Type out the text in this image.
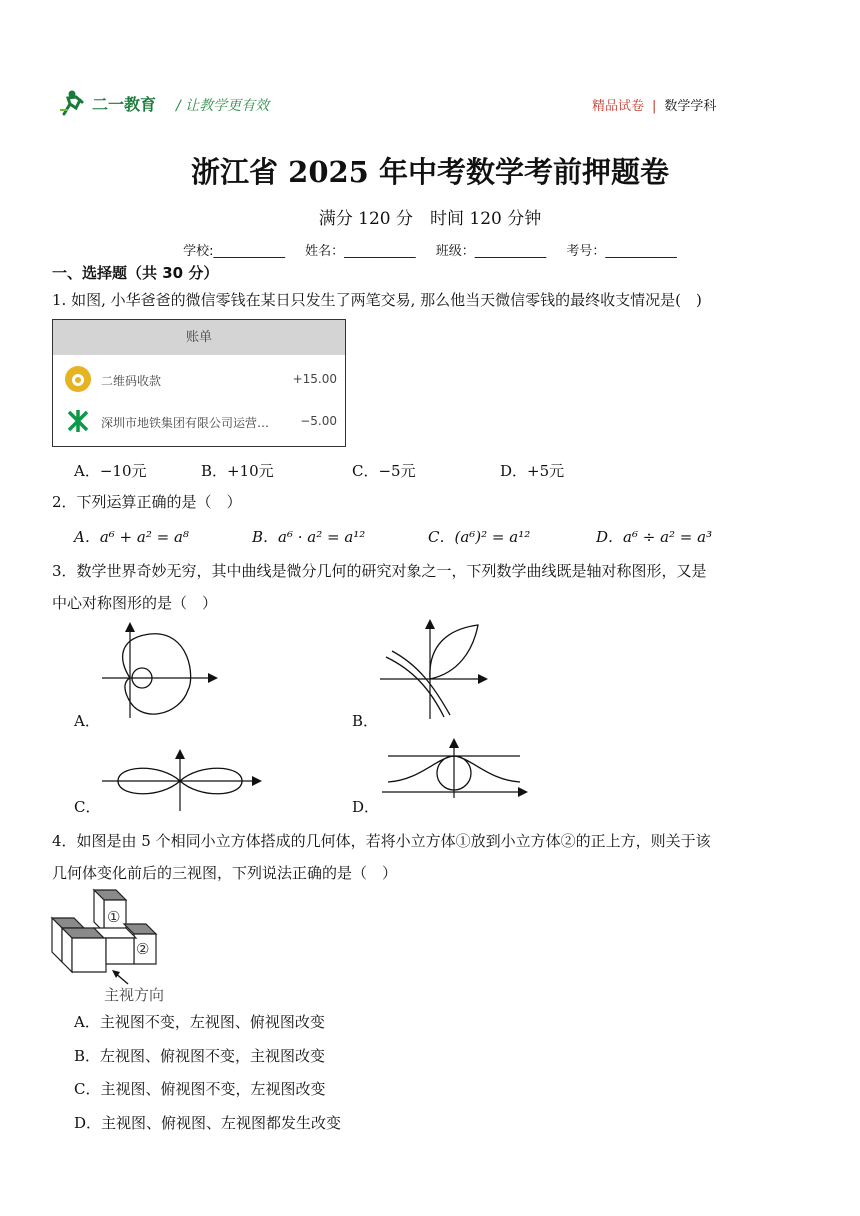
二一教育 / 让教学更有效	精品试卷 | 数学学科
浙江省 2025 年中考数学考前押题卷
满分 120 分　时间 120 分钟
学校:___________ 姓名：___________ 班级：___________ 考号：___________
一、选择题（共 30 分）
1. 如图, 小华爸爸的微信零钱在某日只发生了两笔交易, 那么他当天微信零钱的最终收支情况是(　)
账单
二维码收款	+15.00
深圳市地铁集团有限公司运营…	−5.00
A．−10元	B．+10元	C．−5元	D．+5元
2．下列运算正确的是（　）
A．a⁶ + a² = a⁸	B．a⁶ · a² = a¹²	C．(a⁶)² = a¹²	D．a⁶ ÷ a² = a³
3．数学世界奇妙无穷，其中曲线是微分几何的研究对象之一，下列数学曲线既是轴对称图形，又是
中心对称图形的是（　）
A．	B．
C．	D．
4．如图是由 5 个相同小立方体搭成的几何体，若将小立方体①放到小立方体②的正上方，则关于该
几何体变化前后的三视图，下列说法正确的是（　）
①
②
主视方向
A．主视图不变，左视图、俯视图改变
B．左视图、俯视图不变，主视图改变
C．主视图、俯视图不变，左视图改变
D．主视图、俯视图、左视图都发生改变
